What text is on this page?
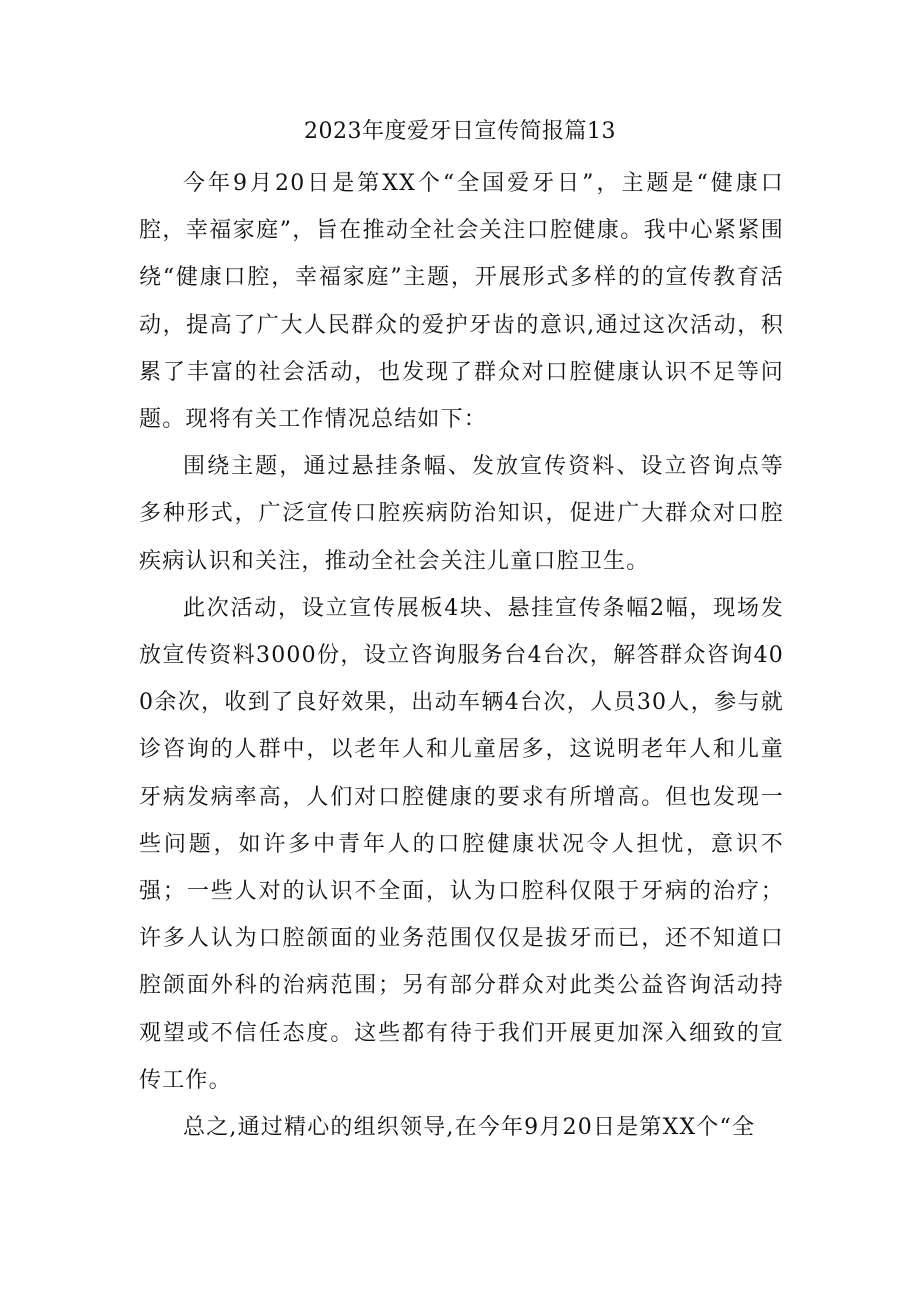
2023年度爱牙日宣传简报篇13

今年9月20日是第XX个“全国爱牙日”，主题是“健康口腔，幸福家庭”，旨在推动全社会关注口腔健康。我中心紧紧围绕“健康口腔，幸福家庭”主题，开展形式多样的的宣传教育活动，提高了广大人民群众的爱护牙齿的意识,通过这次活动，积累了丰富的社会活动，也发现了群众对口腔健康认识不足等问题。现将有关工作情况总结如下：

围绕主题，通过悬挂条幅、发放宣传资料、设立咨询点等多种形式，广泛宣传口腔疾病防治知识，促进广大群众对口腔疾病认识和关注，推动全社会关注儿童口腔卫生。

此次活动，设立宣传展板4块、悬挂宣传条幅2幅，现场发放宣传资料3000份，设立咨询服务台4台次，解答群众咨询400余次，收到了良好效果，出动车辆4台次，人员30人，参与就诊咨询的人群中，以老年人和儿童居多，这说明老年人和儿童牙病发病率高，人们对口腔健康的要求有所增高。但也发现一些问题，如许多中青年人的口腔健康状况令人担忧，意识不强；一些人对的认识不全面，认为口腔科仅限于牙病的治疗；许多人认为口腔颌面的业务范围仅仅是拔牙而已，还不知道口腔颌面外科的治病范围；另有部分群众对此类公益咨询活动持观望或不信任态度。这些都有待于我们开展更加深入细致的宣传工作。

总之,通过精心的组织领导,在今年9月20日是第XX个“全
